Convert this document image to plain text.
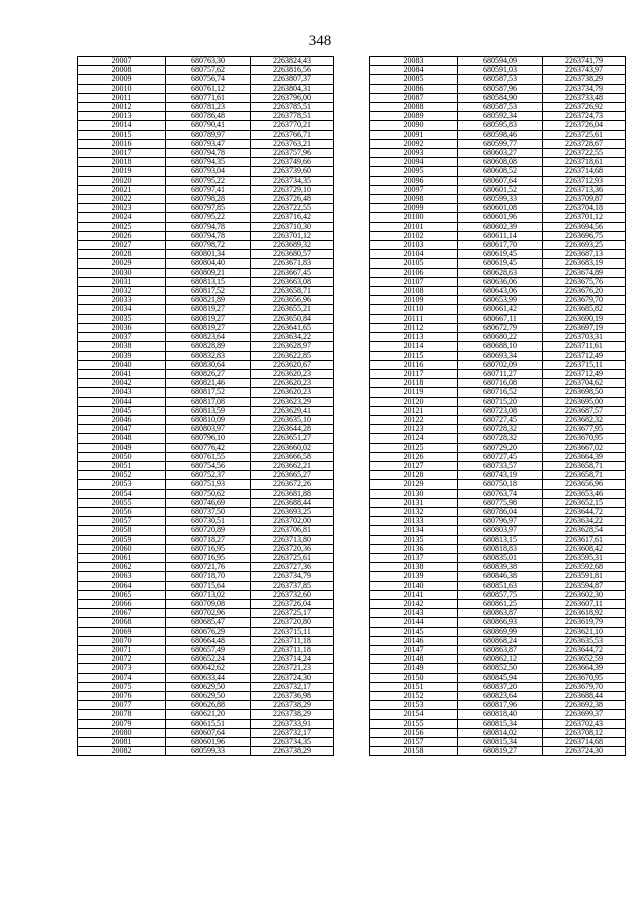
348
20007	680763,30	2263824,43
20008	680757,62	2263816,56
20009	680756,74	2263807,37
20010	680761,12	2263804,31
20011	680771,61	2263796,00
20012	680781,23	2263785,51
20013	680786,48	2263778,51
20014	680790,41	2263770,21
20015	680789,97	2263766,71
20016	680793,47	2263763,21
20017	680794,78	2263757,96
20018	680794,35	2263749,66
20019	680793,04	2263739,60
20020	680795,22	2263734,35
20021	680797,41	2263729,10
20022	680798,28	2263726,48
20023	680797,85	2263722,55
20024	680795,22	2263716,42
20025	680794,78	2263710,30
20026	680794,78	2263701,12
20027	680798,72	2263689,32
20028	680801,34	2263680,57
20029	680804,40	2263671,83
20030	680809,21	2263667,45
20031	680813,15	2263663,08
20032	680817,52	2263658,71
20033	680821,89	2263656,96
20034	680819,27	2263655,21
20035	680819,27	2263650,84
20036	680819,27	2263641,65
20037	680823,64	2263634,22
20038	680828,89	2263628,97
20039	680832,83	2263622,85
20040	680830,64	2263620,67
20041	680826,27	2263620,23
20042	680821,46	2263620,23
20043	680817,52	2263620,23
20044	680817,08	2263623,29
20045	680813,59	2263629,41
20046	680810,09	2263635,10
20047	680803,97	2263644,28
20048	680796,10	2263651,27
20049	680776,42	2263660,02
20050	680761,55	2263666,58
20051	680754,56	2263662,21
20052	680752,37	2263665,27
20053	680751,93	2263672,26
20054	680750,62	2263681,88
20055	680746,69	2263688,44
20056	680737,50	2263693,25
20057	680730,51	2263702,00
20058	680720,89	2263706,81
20059	680718,27	2263713,80
20060	680716,95	2263720,36
20061	680716,95	2263725,61
20062	680721,76	2263727,36
20063	680718,70	2263734,79
20064	680715,64	2263737,85
20065	680713,02	2263732,60
20066	680709,08	2263726,04
20067	680702,96	2263725,17
20068	680685,47	2263720,80
20069	680676,29	2263715,11
20070	680664,48	2263711,18
20071	680657,49	2263711,18
20072	680652,24	2263714,24
20073	680642,62	2263721,23
20074	680633,44	2263724,30
20075	680629,50	2263732,17
20076	680629,50	2263736,98
20077	680626,88	2263738,29
20078	680621,20	2263738,29
20079	680615,51	2263733,91
20080	680607,64	2263732,17
20081	680601,96	2263734,35
20082	680599,33	2263738,29
20083	680594,09	2263741,79
20084	680591,03	2263743,97
20085	680587,53	2263738,29
20086	680587,96	2263734,79
20087	680584,90	2263733,48
20088	680587,53	2263726,92
20089	680592,34	2263724,73
20090	680595,83	2263726,04
20091	680598,46	2263725,61
20092	680599,77	2263728,67
20093	680603,27	2263722,55
20094	680608,08	2263718,61
20095	680608,52	2263714,68
20096	680607,64	2263712,93
20097	680601,52	2263713,36
20098	680599,33	2263709,87
20099	680601,08	2263704,18
20100	680601,96	2263701,12
20101	680602,39	2263694,56
20102	680611,14	2263696,75
20103	680617,70	2263693,25
20104	680619,45	2263687,13
20105	680619,45	2263683,19
20106	680628,63	2263674,89
20107	680636,06	2263675,76
20108	680643,06	2263676,20
20109	680653,99	2263679,70
20110	680661,42	2263685,82
20111	680667,11	2263690,19
20112	680672,79	2263697,19
20113	680680,22	2263703,31
20114	680688,10	2263711,61
20115	680693,34	2263712,49
20116	680702,09	2263715,11
20117	680711,27	2263712,49
20118	680716,08	2263704,62
20119	680716,52	2263698,50
20120	680715,20	2263695,00
20121	680723,08	2263687,57
20122	680727,45	2263682,32
20123	680728,32	2263677,95
20124	680728,32	2263670,95
20125	680729,20	2263667,02
20126	680727,45	2263664,39
20127	680733,57	2263658,71
20128	680743,19	2263658,71
20129	680750,18	2263656,96
20130	680763,74	2263653,46
20131	680775,98	2263652,15
20132	680786,04	2263644,72
20133	680796,97	2263634,22
20134	680803,97	2263628,54
20135	680813,15	2263617,61
20136	680818,83	2263608,42
20137	680835,01	2263595,31
20138	680839,38	2263592,68
20139	680846,38	2263591,81
20140	680851,63	2263594,87
20141	680857,75	2263602,30
20142	680861,25	2263607,11
20143	680863,87	2263618,92
20144	680866,93	2263619,79
20145	680869,99	2263621,10
20146	680868,24	2263635,53
20147	680863,87	2263644,72
20148	680862,12	2263652,59
20149	680852,50	2263664,39
20150	680845,94	2263670,95
20151	680837,20	2263679,70
20152	680823,64	2263688,44
20153	680817,96	2263692,38
20154	680818,40	2263699,37
20155	680815,34	2263702,43
20156	680814,02	2263708,12
20157	680815,34	2263714,68
20158	680819,27	2263724,30
